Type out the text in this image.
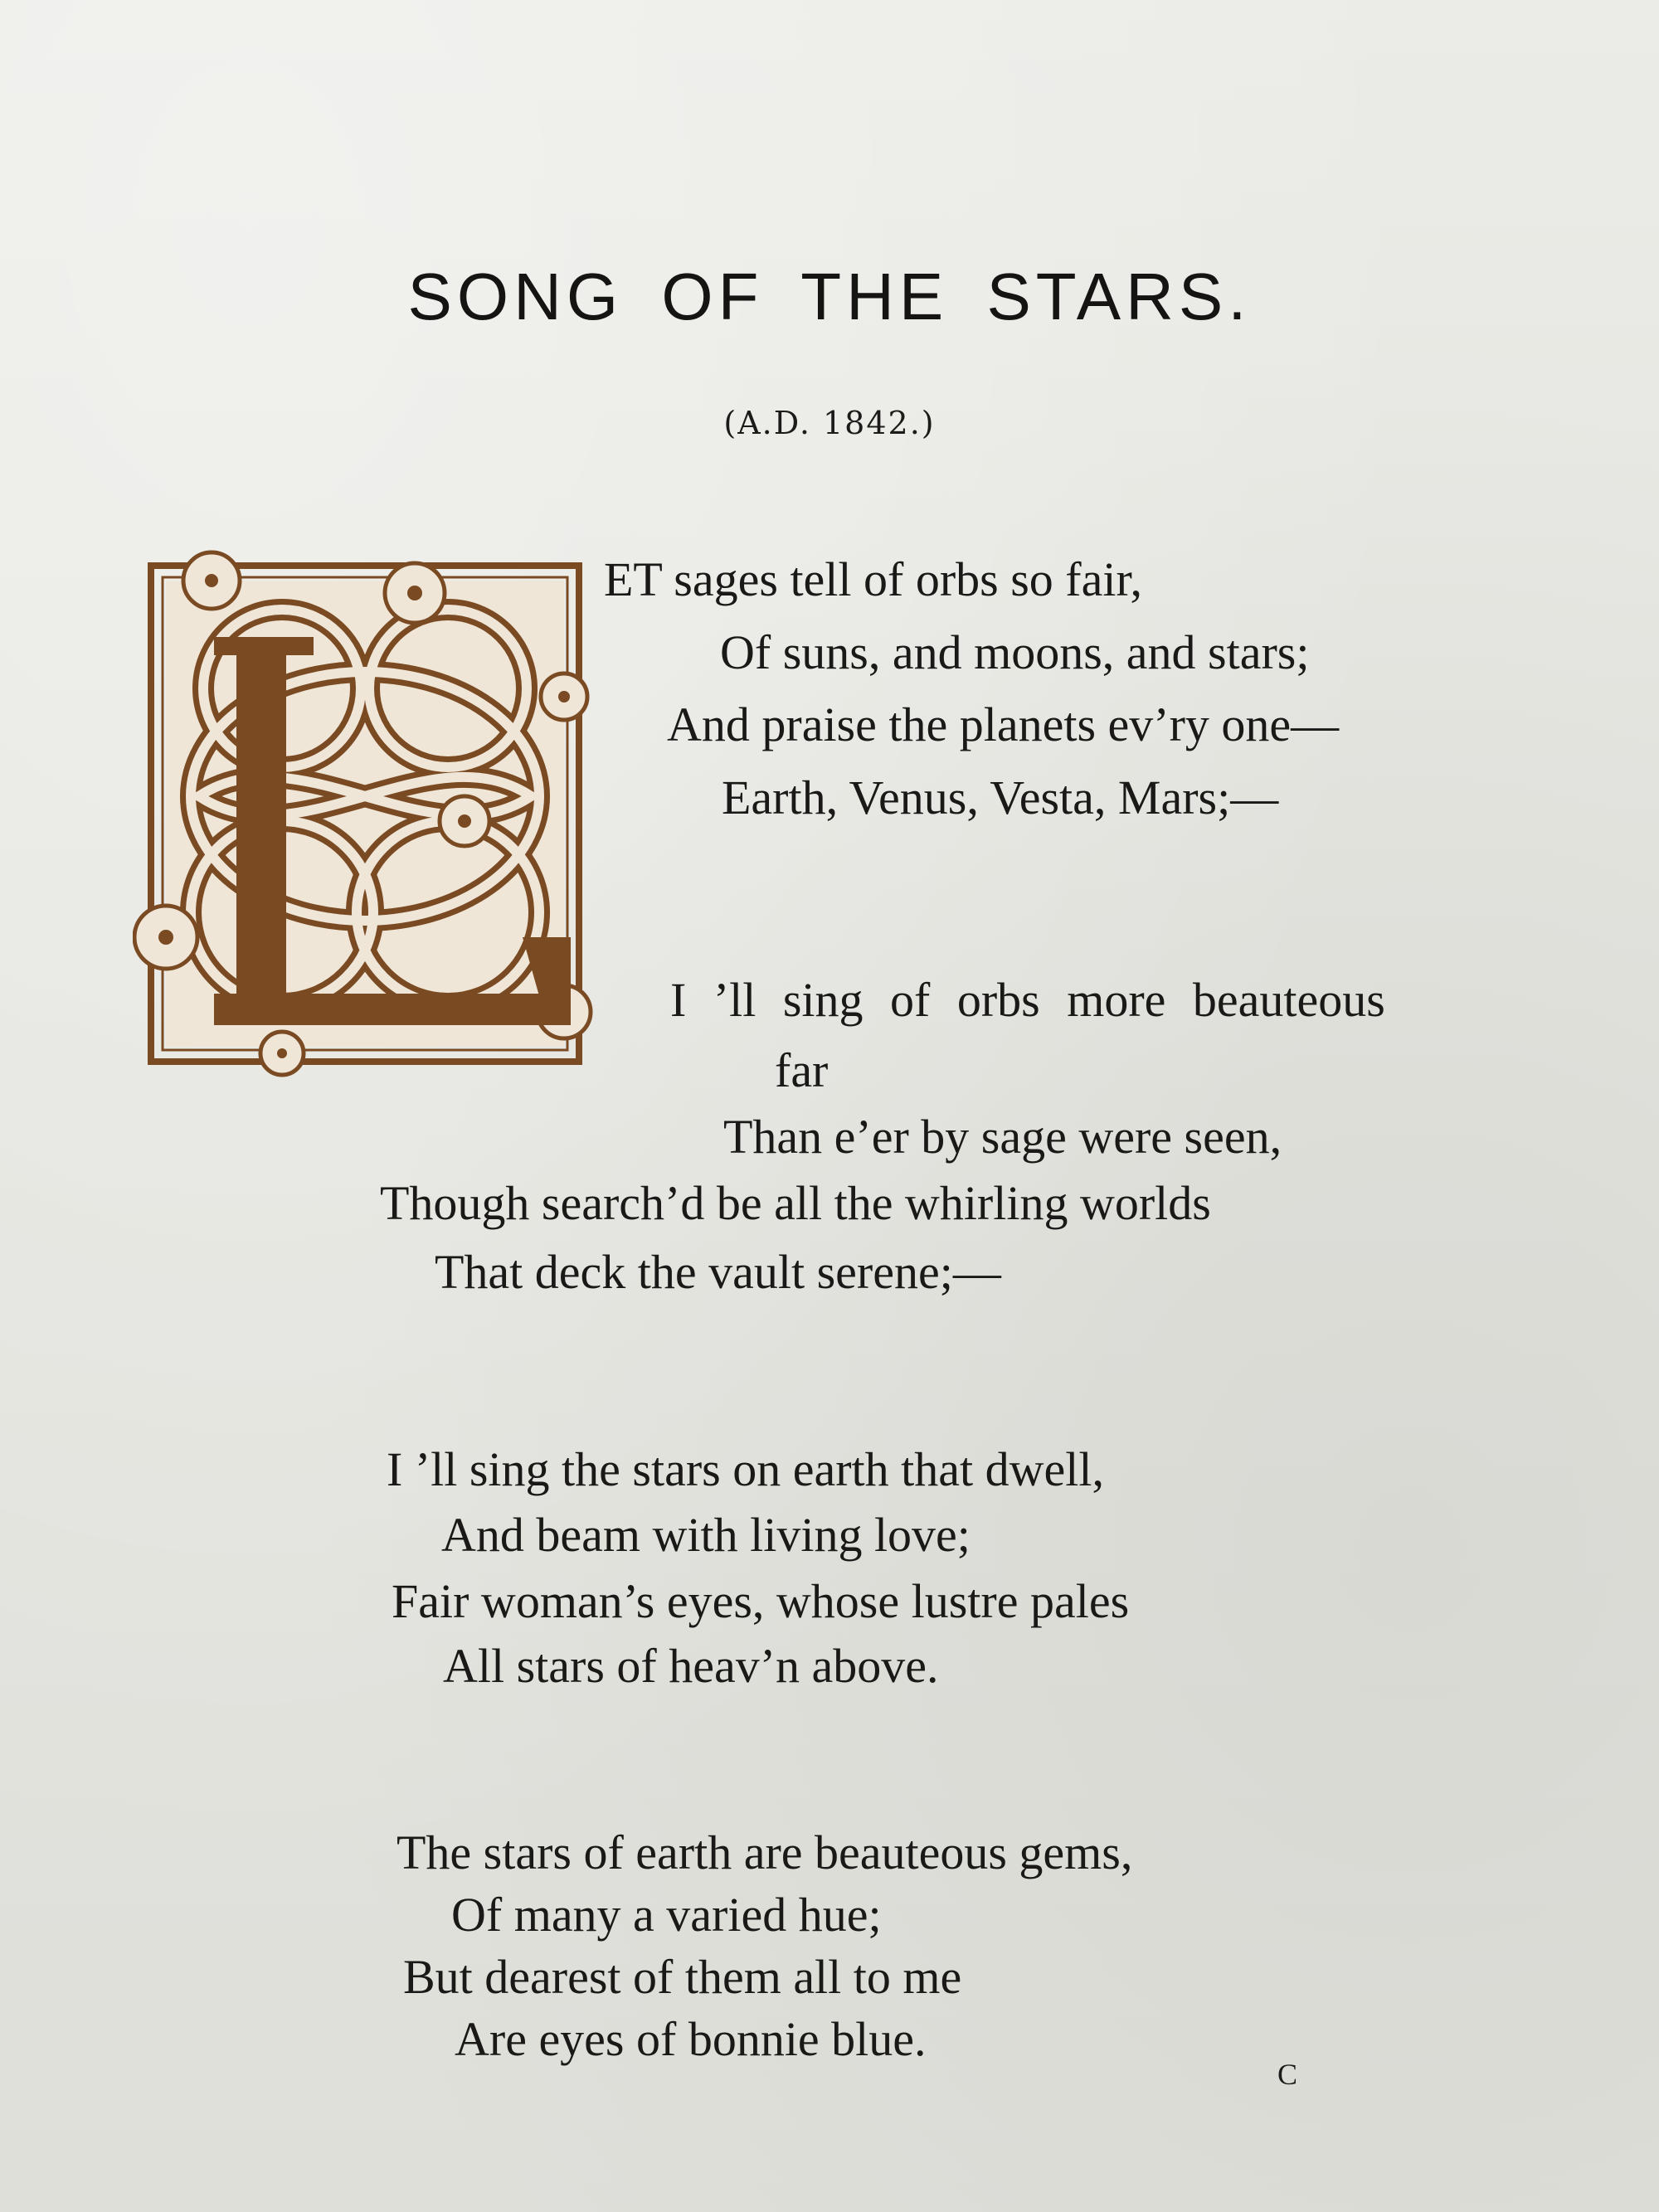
SONG OF THE STARS.
(A.D. 1842.)
ET sages tell of orbs so fair,
Of suns, and moons, and stars;
And praise the planets ev’ry one—
Earth, Venus, Vesta, Mars;—
I ’ll sing of orbs more beauteous
far
Than e’er by sage were seen,
Though search’d be all the whirling worlds
That deck the vault serene;—
I ’ll sing the stars on earth that dwell,
And beam with living love;
Fair woman’s eyes, whose lustre pales
All stars of heav’n above.
The stars of earth are beauteous gems,
Of many a varied hue;
But dearest of them all to me
Are eyes of bonnie blue.
C
